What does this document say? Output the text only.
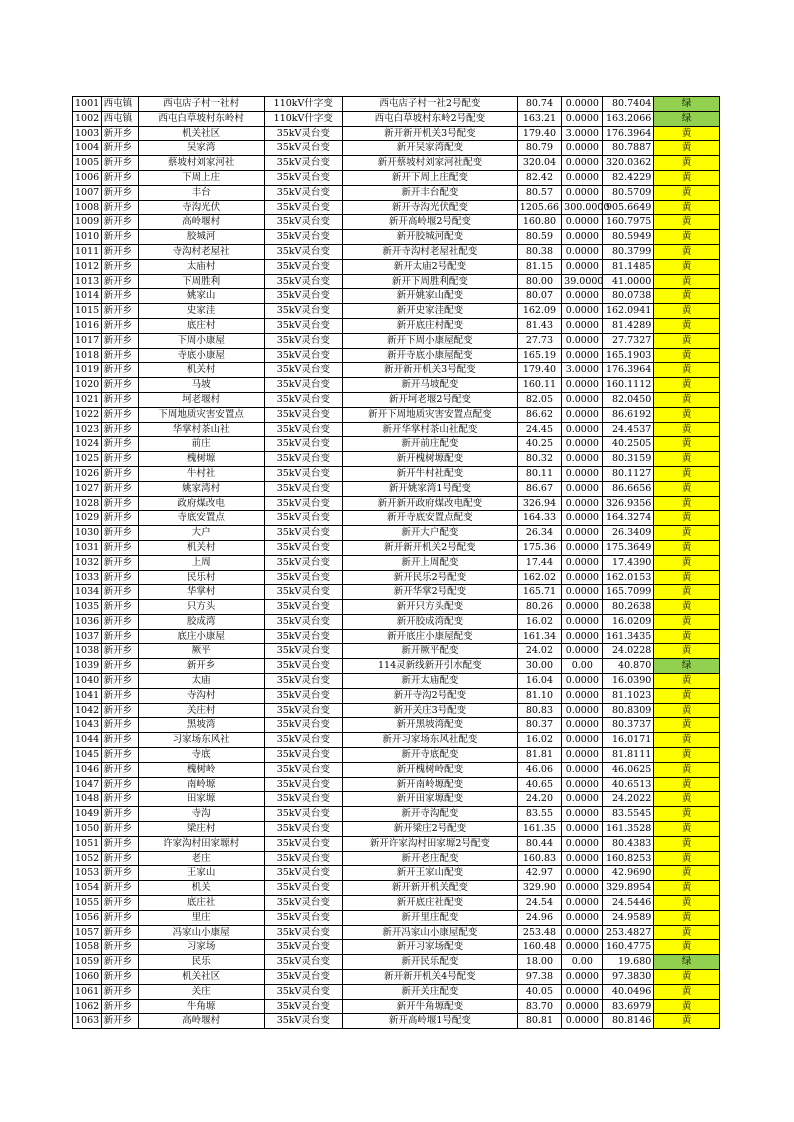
1001	西屯镇	西屯店子村一社村	110kV什字变	西屯店子村一社2号配变	80.74	0.0000	80.7404	绿
1002	西屯镇	西屯白草坡村东岭村	110kV什字变	西屯白草坡村东岭2号配变	163.21	0.0000	163.2066	绿
1003	新开乡	机关社区	35kV灵台变	新开新开机关3号配变	179.40	3.0000	176.3964	黄
1004	新开乡	吴家湾	35kV灵台变	新开吴家湾配变	80.79	0.0000	80.7887	黄
1005	新开乡	蔡坡村刘家河社	35kV灵台变	新开蔡坡村刘家河社配变	320.04	0.0000	320.0362	黄
1006	新开乡	下周上庄	35kV灵台变	新开下周上庄配变	82.42	0.0000	82.4229	黄
1007	新开乡	丰台	35kV灵台变	新开丰台配变	80.57	0.0000	80.5709	黄
1008	新开乡	寺沟光伏	35kV灵台变	新开寺沟光伏配变	1205.66	300.0000	905.6649	黄
1009	新开乡	高岭堰村	35kV灵台变	新开高岭堰2号配变	160.80	0.0000	160.7975	黄
1010	新开乡	胶城河	35kV灵台变	新开胶城河配变	80.59	0.0000	80.5949	黄
1011	新开乡	寺沟村老屋社	35kV灵台变	新开寺沟村老屋社配变	80.38	0.0000	80.3799	黄
1012	新开乡	太庙村	35kV灵台变	新开太庙2号配变	81.15	0.0000	81.1485	黄
1013	新开乡	下周胜利	35kV灵台变	新开下周胜利配变	80.00	39.0000	41.0000	黄
1014	新开乡	姚家山	35kV灵台变	新开姚家山配变	80.07	0.0000	80.0738	黄
1015	新开乡	史家洼	35kV灵台变	新开史家洼配变	162.09	0.0000	162.0941	黄
1016	新开乡	底庄村	35kV灵台变	新开底庄村配变	81.43	0.0000	81.4289	黄
1017	新开乡	下周小康屋	35kV灵台变	新开下周小康屋配变	27.73	0.0000	27.7327	黄
1018	新开乡	寺底小康屋	35kV灵台变	新开寺底小康屋配变	165.19	0.0000	165.1903	黄
1019	新开乡	机关村	35kV灵台变	新开新开机关3号配变	179.40	3.0000	176.3964	黄
1020	新开乡	马坡	35kV灵台变	新开马坡配变	160.11	0.0000	160.1112	黄
1021	新开乡	坷老堰村	35kV灵台变	新开坷老堰2号配变	82.05	0.0000	82.0450	黄
1022	新开乡	下周地质灾害安置点	35kV灵台变	新开下周地质灾害安置点配变	86.62	0.0000	86.6192	黄
1023	新开乡	华掌村茶山社	35kV灵台变	新开华掌村茶山社配变	24.45	0.0000	24.4537	黄
1024	新开乡	前庄	35kV灵台变	新开前庄配变	40.25	0.0000	40.2505	黄
1025	新开乡	槐树塬	35kV灵台变	新开槐树塬配变	80.32	0.0000	80.3159	黄
1026	新开乡	牛村社	35kV灵台变	新开牛村社配变	80.11	0.0000	80.1127	黄
1027	新开乡	姚家湾村	35kV灵台变	新开姚家湾1号配变	86.67	0.0000	86.6656	黄
1028	新开乡	政府煤改电	35kV灵台变	新开新开政府煤改电配变	326.94	0.0000	326.9356	黄
1029	新开乡	寺底安置点	35kV灵台变	新开寺底安置点配变	164.33	0.0000	164.3274	黄
1030	新开乡	大户	35kV灵台变	新开大户配变	26.34	0.0000	26.3409	黄
1031	新开乡	机关村	35kV灵台变	新开新开机关2号配变	175.36	0.0000	175.3649	黄
1032	新开乡	上周	35kV灵台变	新开上周配变	17.44	0.0000	17.4390	黄
1033	新开乡	民乐村	35kV灵台变	新开民乐2号配变	162.02	0.0000	162.0153	黄
1034	新开乡	华掌村	35kV灵台变	新开华掌2号配变	165.71	0.0000	165.7099	黄
1035	新开乡	只方头	35kV灵台变	新开只方头配变	80.26	0.0000	80.2638	黄
1036	新开乡	胶成湾	35kV灵台变	新开胶成湾配变	16.02	0.0000	16.0209	黄
1037	新开乡	底庄小康屋	35kV灵台变	新开底庄小康屋配变	161.34	0.0000	161.3435	黄
1038	新开乡	厥平	35kV灵台变	新开厥平配变	24.02	0.0000	24.0228	黄
1039	新开乡	新开乡	35kV灵台变	114灵新线新开引水配变	30.00	0.00	40.870	绿
1040	新开乡	太庙	35kV灵台变	新开太庙配变	16.04	0.0000	16.0390	黄
1041	新开乡	寺沟村	35kV灵台变	新开寺沟2号配变	81.10	0.0000	81.1023	黄
1042	新开乡	关庄村	35kV灵台变	新开关庄3号配变	80.83	0.0000	80.8309	黄
1043	新开乡	黑坡湾	35kV灵台变	新开黑坡湾配变	80.37	0.0000	80.3737	黄
1044	新开乡	习家场东风社	35kV灵台变	新开习家场东风社配变	16.02	0.0000	16.0171	黄
1045	新开乡	寺底	35kV灵台变	新开寺底配变	81.81	0.0000	81.8111	黄
1046	新开乡	槐树岭	35kV灵台变	新开槐树岭配变	46.06	0.0000	46.0625	黄
1047	新开乡	南岭塬	35kV灵台变	新开南岭塬配变	40.65	0.0000	40.6513	黄
1048	新开乡	田家塬	35kV灵台变	新开田家塬配变	24.20	0.0000	24.2022	黄
1049	新开乡	寺沟	35kV灵台变	新开寺沟配变	83.55	0.0000	83.5545	黄
1050	新开乡	梁庄村	35kV灵台变	新开梁庄2号配变	161.35	0.0000	161.3528	黄
1051	新开乡	许家沟村田家塬村	35kV灵台变	新开许家沟村田家塬2号配变	80.44	0.0000	80.4383	黄
1052	新开乡	老庄	35kV灵台变	新开老庄配变	160.83	0.0000	160.8253	黄
1053	新开乡	王家山	35kV灵台变	新开王家山配变	42.97	0.0000	42.9690	黄
1054	新开乡	机关	35kV灵台变	新开新开机关配变	329.90	0.0000	329.8954	黄
1055	新开乡	底庄社	35kV灵台变	新开底庄社配变	24.54	0.0000	24.5446	黄
1056	新开乡	里庄	35kV灵台变	新开里庄配变	24.96	0.0000	24.9589	黄
1057	新开乡	冯家山小康屋	35kV灵台变	新开冯家山小康屋配变	253.48	0.0000	253.4827	黄
1058	新开乡	习家场	35kV灵台变	新开习家场配变	160.48	0.0000	160.4775	黄
1059	新开乡	民乐	35kV灵台变	新开民乐配变	18.00	0.00	19.680	绿
1060	新开乡	机关社区	35kV灵台变	新开新开机关4号配变	97.38	0.0000	97.3830	黄
1061	新开乡	关庄	35kV灵台变	新开关庄配变	40.05	0.0000	40.0496	黄
1062	新开乡	牛角塬	35kV灵台变	新开牛角塬配变	83.70	0.0000	83.6979	黄
1063	新开乡	高岭堰村	35kV灵台变	新开高岭堰1号配变	80.81	0.0000	80.8146	黄
